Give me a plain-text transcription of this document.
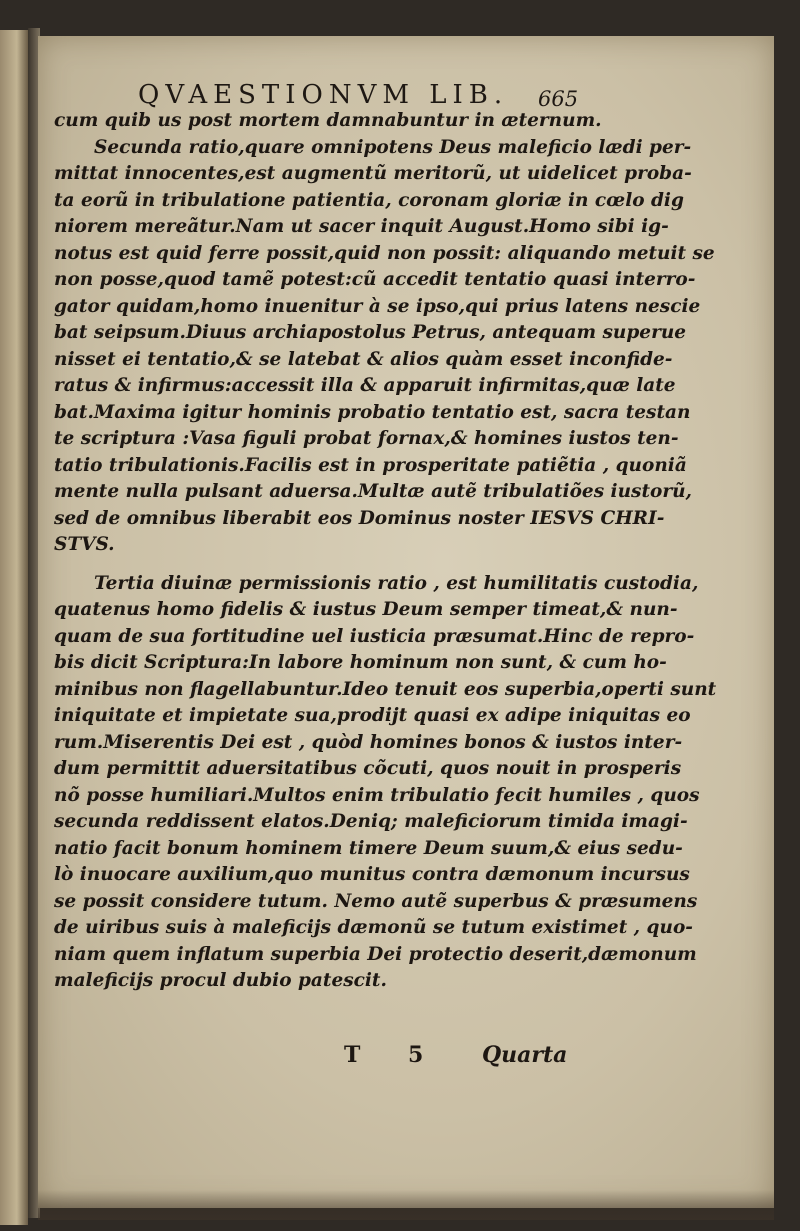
QVAESTIONVM LIB.	665
cum quib us post mortem damnabuntur in æternum.
Secunda ratio,quare omnipotens Deus maleficio lædi per-
mittat innocentes,est augmentũ meritorũ, ut uidelicet proba-
ta eorũ in tribulatione patientia, coronam gloriæ in cœlo dig
niorem mereãtur.Nam ut sacer inquit August.Homo sibi ig-
notus est quid ferre possit,quid non possit: aliquando metuit se
non posse,quod tamẽ potest:cũ accedit tentatio quasi interro-
gator quidam,homo inuenitur à se ipso,qui prius latens nescie
bat seipsum.Diuus archiapostolus Petrus, antequam superue
nisset ei tentatio,& se latebat & alios quàm esset inconfide-
ratus & infirmus:accessit illa & apparuit infirmitas,quæ late
bat.Maxima igitur hominis probatio tentatio est, sacra testan
te scriptura :Vasa figuli probat fornax,& homines iustos ten-
tatio tribulationis.Facilis est in prosperitate patiẽtia , quoniã
mente nulla pulsant aduersa.Multæ autẽ tribulatiões iustorũ,
sed de omnibus liberabit eos Dominus noster IESVS CHRI-
STVS.
Tertia diuinæ permissionis ratio , est humilitatis custodia,
quatenus homo fidelis & iustus Deum semper timeat,& nun-
quam de sua fortitudine uel iusticia præsumat.Hinc de repro-
bis dicit Scriptura:In labore hominum non sunt, & cum ho-
minibus non flagellabuntur.Ideo tenuit eos superbia,operti sunt
iniquitate et impietate sua,prodijt quasi ex adipe iniquitas eo
rum.Miserentis Dei est , quòd homines bonos & iustos inter-
dum permittit aduersitatibus cõcuti, quos nouit in prosperis
nõ posse humiliari.Multos enim tribulatio fecit humiles , quos
secunda reddissent elatos.Deniq; maleficiorum timida imagi-
natio facit bonum hominem timere Deum suum,& eius sedu-
lò inuocare auxilium,quo munitus contra dæmonum incursus
se possit considere tutum. Nemo autẽ superbus & præsumens
de uiribus suis à maleficijs dæmonũ se tutum existimet , quo-
niam quem inflatum superbia Dei protectio deserit,dæmonum
maleficijs procul dubio patescit.
T 5 Quarta
